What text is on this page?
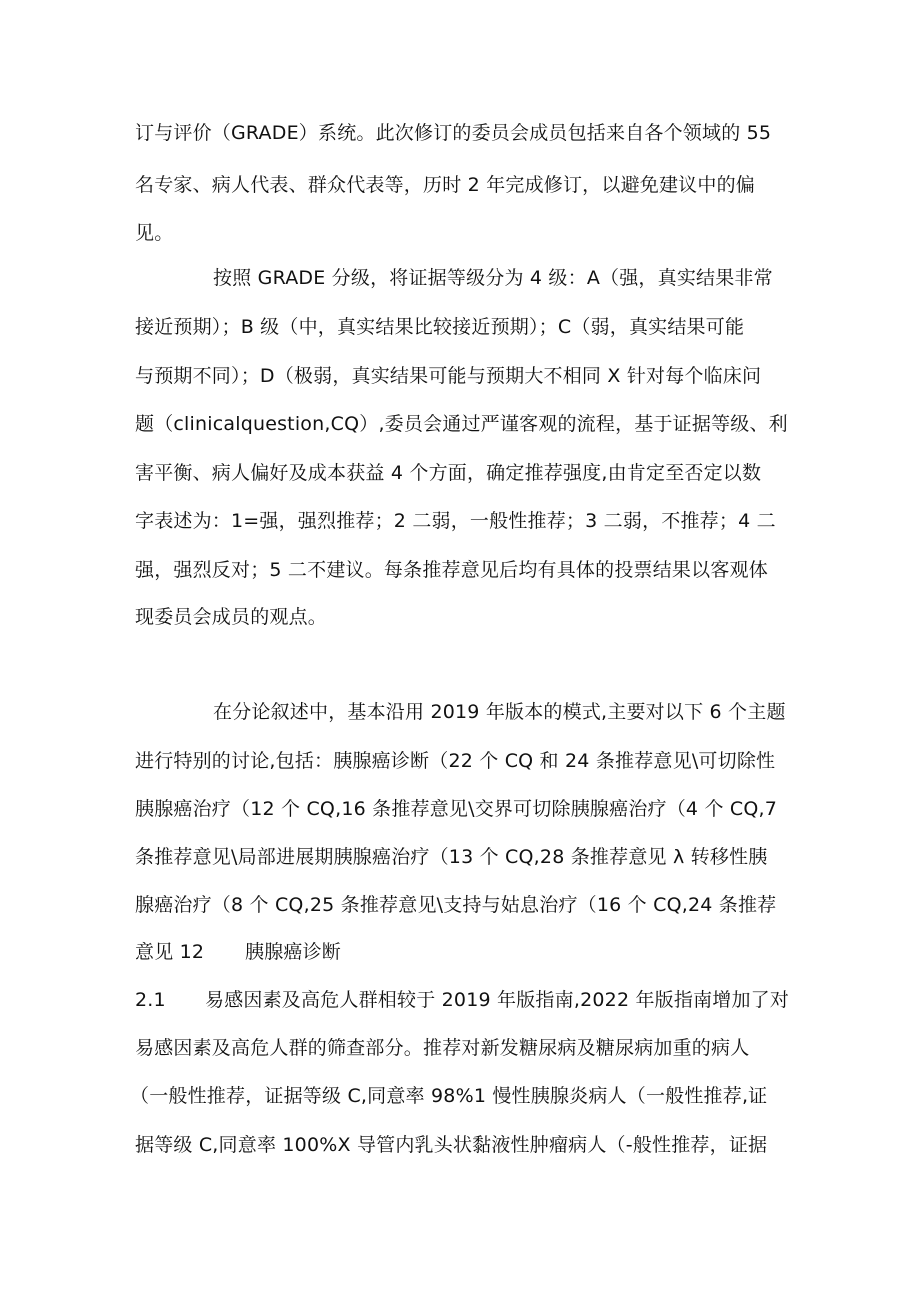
订与评价（GRADE）系统。此次修订的委员会成员包括来自各个领域的 55
名专家、病人代表、群众代表等，历时 2 年完成修订，以避免建议中的偏
见。
按照 GRADE 分级，将证据等级分为 4 级：A（强，真实结果非常
接近预期）；B 级（中，真实结果比较接近预期）；C（弱，真实结果可能
与预期不同）；D（极弱，真实结果可能与预期大不相同 X 针对每个临床问
题（clinicalquestion,CQ）,委员会通过严谨客观的流程，基于证据等级、利
害平衡、病人偏好及成本获益 4 个方面，确定推荐强度,由肯定至否定以数
字表述为：1=强，强烈推荐；2 二弱，一般性推荐；3 二弱，不推荐；4 二
强，强烈反对；5 二不建议。每条推荐意见后均有具体的投票结果以客观体
现委员会成员的观点。
在分论叙述中，基本沿用 2019 年版本的模式,主要对以下 6 个主题
进行特别的讨论,包括：胰腺癌诊断（22 个 CQ 和 24 条推荐意见\可切除性
胰腺癌治疗（12 个 CQ,16 条推荐意见\交界可切除胰腺癌治疗（4 个 CQ,7
条推荐意见\局部进展期胰腺癌治疗（13 个 CQ,28 条推荐意见 λ 转移性胰
腺癌治疗（8 个 CQ,25 条推荐意见\支持与姑息治疗（16 个 CQ,24 条推荐
意见 12 胰腺癌诊断
2.1 易感因素及高危人群相较于 2019 年版指南,2022 年版指南增加了对
易感因素及高危人群的筛查部分。推荐对新发糖尿病及糖尿病加重的病人
（一般性推荐，证据等级 C,同意率 98%1 慢性胰腺炎病人（一般性推荐,证
据等级 C,同意率 100%X 导管内乳头状黏液性肿瘤病人（-般性推荐，证据
